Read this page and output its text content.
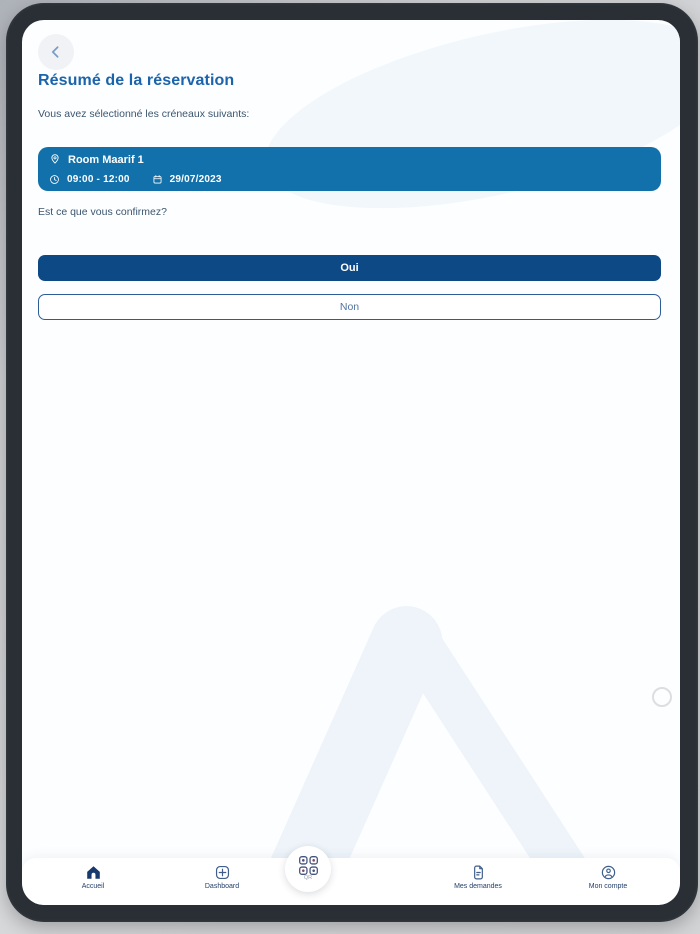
Résumé de la réservation

Vous avez sélectionné les créneaux suivants:

Room Maarif 1
09:00 - 12:00	29/07/2023

Est ce que vous confirmez?

Oui
Non
Accueil	Dashboard	Mes demandes	Mon compte
QR
